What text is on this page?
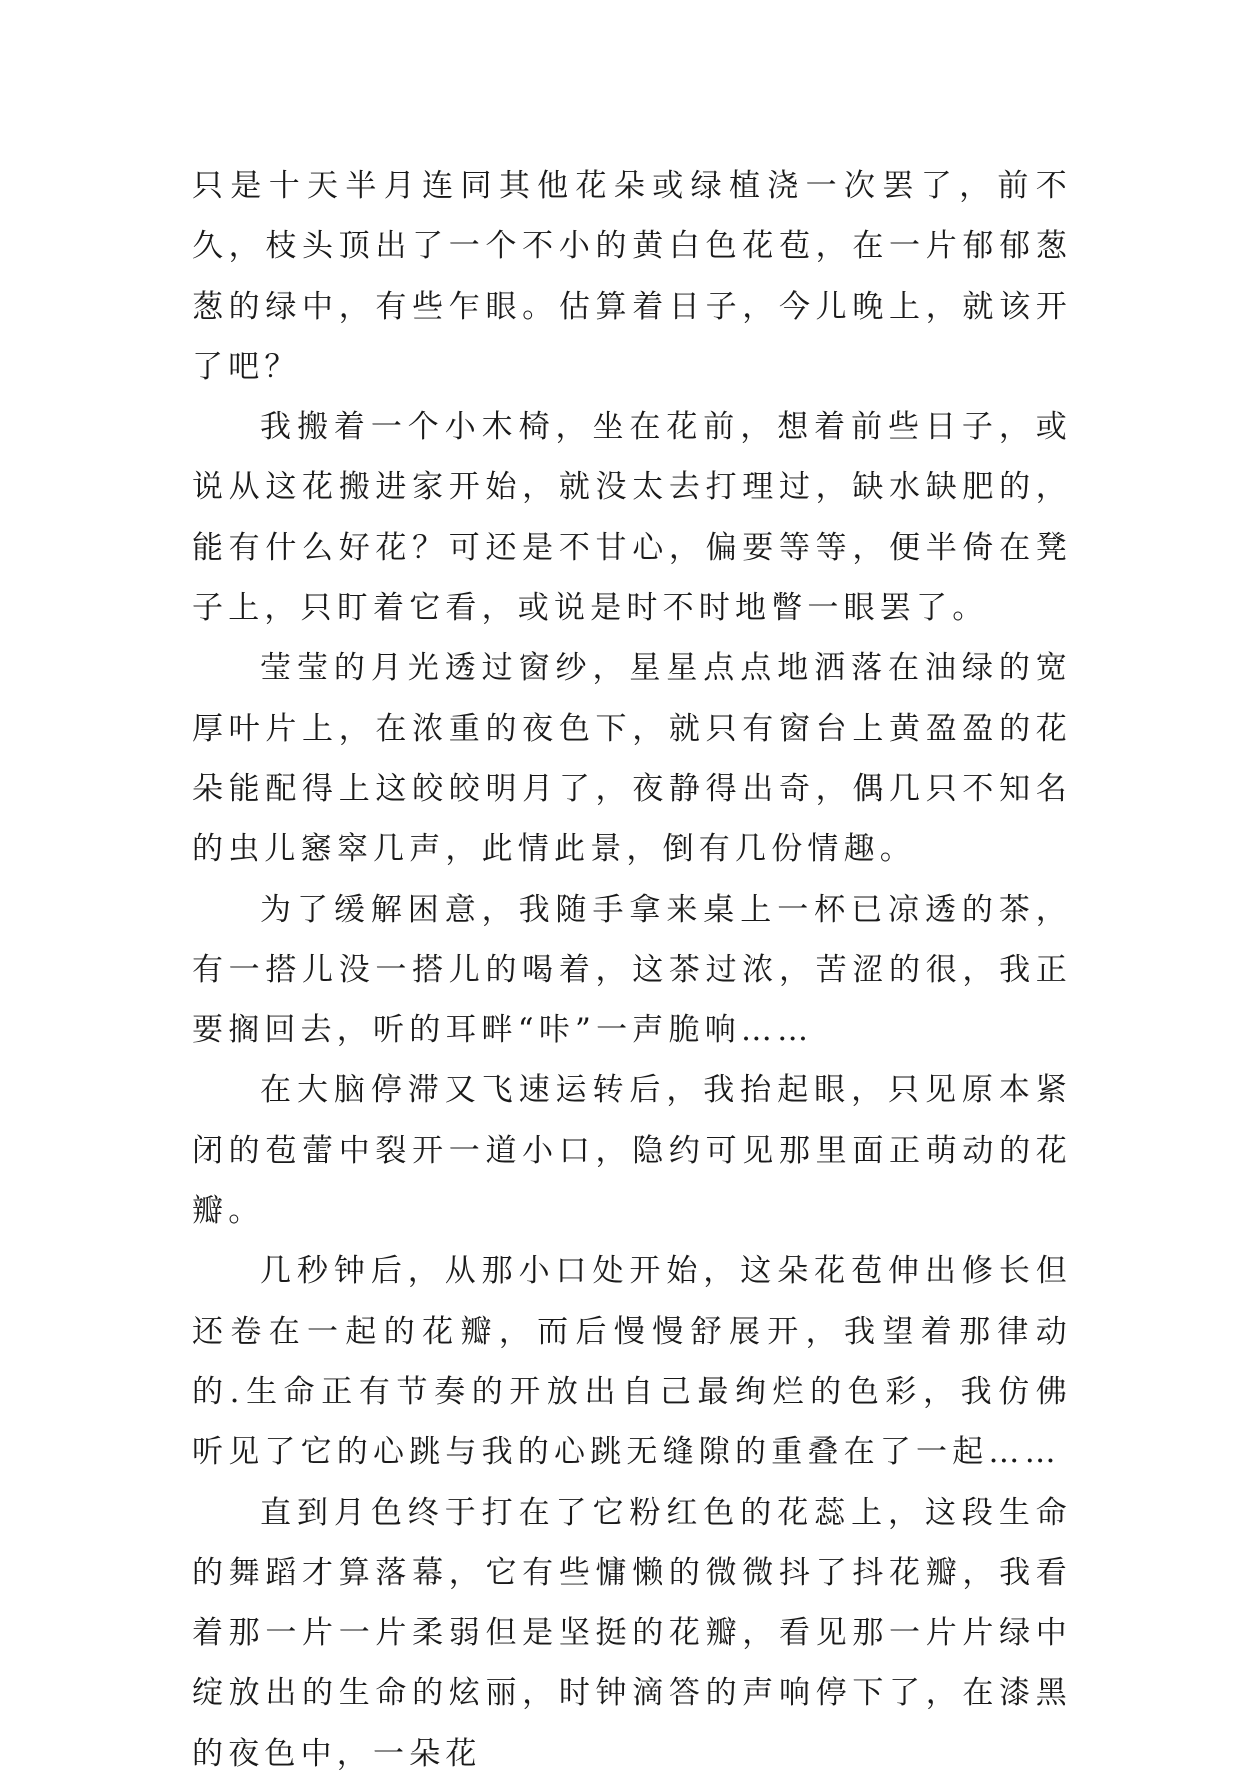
只是十天半月连同其他花朵或绿植浇一次罢了，前不久，枝头顶出了一个不小的黄白色花苞，在一片郁郁葱葱的绿中，有些乍眼。估算着日子，今儿晚上，就该开了吧？

我搬着一个小木椅，坐在花前，想着前些日子，或说从这花搬进家开始，就没太去打理过，缺水缺肥的，能有什么好花？可还是不甘心，偏要等等，便半倚在凳子上，只盯着它看，或说是时不时地瞥一眼罢了。

莹莹的月光透过窗纱，星星点点地洒落在油绿的宽厚叶片上，在浓重的夜色下，就只有窗台上黄盈盈的花朵能配得上这皎皎明月了，夜静得出奇，偶几只不知名的虫儿窸窣几声，此情此景，倒有几份情趣。

为了缓解困意，我随手拿来桌上一杯已凉透的茶，有一搭儿没一搭儿的喝着，这茶过浓，苦涩的很，我正要搁回去，听的耳畔“咔”一声脆响……

在大脑停滞又飞速运转后，我抬起眼，只见原本紧闭的苞蕾中裂开一道小口，隐约可见那里面正萌动的花瓣。

几秒钟后，从那小口处开始，这朵花苞伸出修长但还卷在一起的花瓣，而后慢慢舒展开，我望着那律动的.生命正有节奏的开放出自己最绚烂的色彩，我仿佛听见了它的心跳与我的心跳无缝隙的重叠在了一起……

直到月色终于打在了它粉红色的花蕊上，这段生命的舞蹈才算落幕，它有些慵懒的微微抖了抖花瓣，我看着那一片一片柔弱但是坚挺的花瓣，看见那一片片绿中绽放出的生命的炫丽，时钟滴答的声响停下了，在漆黑的夜色中，一朵花
